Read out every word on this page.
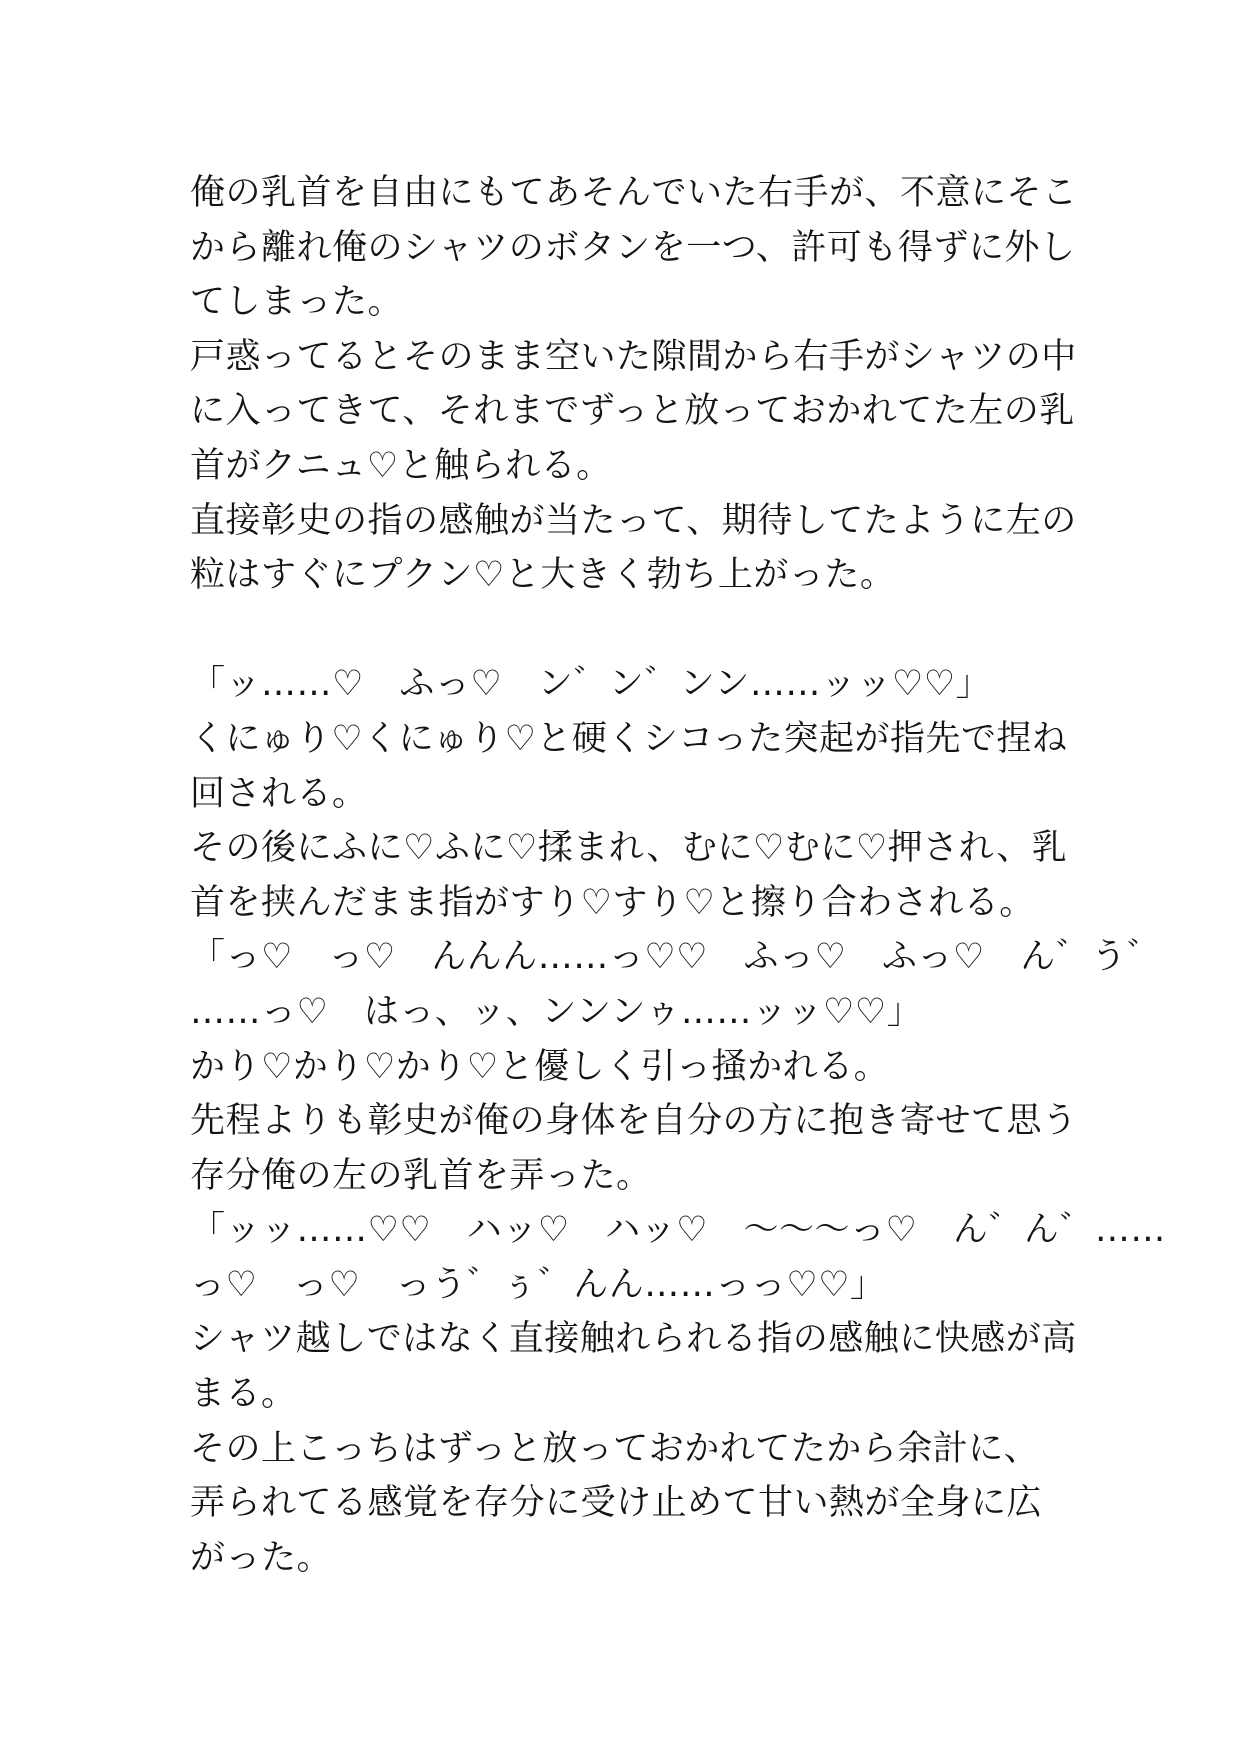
俺の乳首を自由にもてあそんでいた右手が、不意にそこ
から離れ俺のシャツのボタンを一つ、許可も得ずに外し
てしまった。
戸惑ってるとそのまま空いた隙間から右手がシャツの中
に入ってきて、それまでずっと放っておかれてた左の乳
首がクニュ♡と触られる。
直接彰史の指の感触が当たって、期待してたように左の
粒はすぐにプクン♡と大きく勃ち上がった。
「ッ……♡　ふっ♡　ン゛ン゛ンン……ッッ♡♡」
くにゅり♡くにゅり♡と硬くシコった突起が指先で捏ね
回される。
その後にふに♡ふに♡揉まれ、むに♡むに♡押され、乳
首を挟んだまま指がすり♡すり♡と擦り合わされる。
「っ♡　っ♡　んんん……っ♡♡　ふっ♡　ふっ♡　ん゛う゛
……っ♡　はっ、ッ、ンンンゥ……ッッ♡♡」
かり♡かり♡かり♡と優しく引っ掻かれる。
先程よりも彰史が俺の身体を自分の方に抱き寄せて思う
存分俺の左の乳首を弄った。
「ッッ……♡♡　ハッ♡　ハッ♡　〜〜〜っ♡　ん゛ん゛……
っ♡　っ♡　っう゛ぅ゛んん……っっ♡♡」
シャツ越しではなく直接触れられる指の感触に快感が高
まる。
その上こっちはずっと放っておかれてたから余計に、
弄られてる感覚を存分に受け止めて甘い熱が全身に広
がった。
